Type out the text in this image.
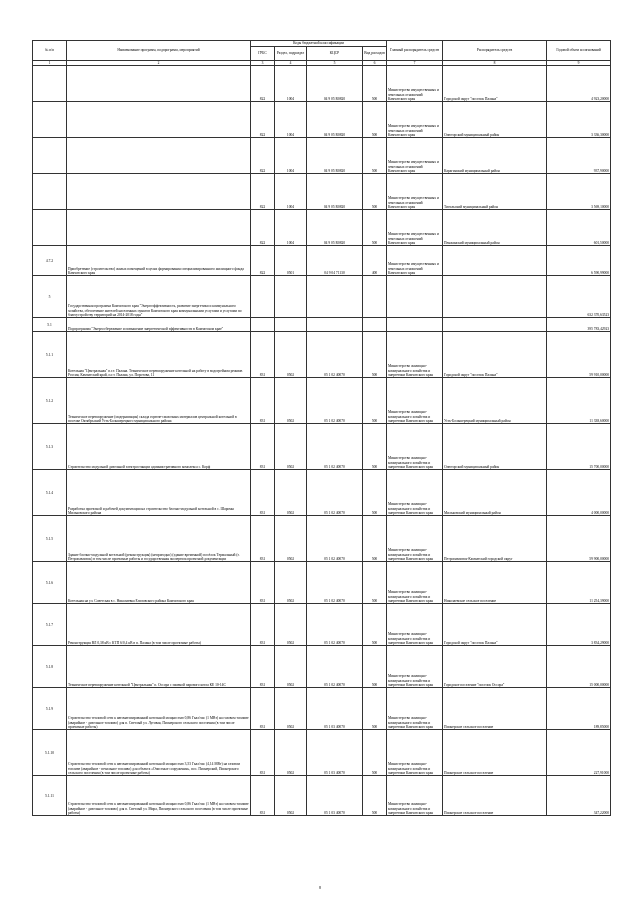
№ п/п	Наименование программ, подпрограмм, мероприятий	Коды бюджетной классификации				Главный распорядитель средств	Распорядитель средств	Годовой объем ассигнований
		ГРБС	Раздел, подраздел	КЦСР	Вид расходов			
1	2	3	4	5	6	7	8	9
		822	1004	04 9 05 R0820	500	Министерство имущественных и земельных отношений Камчатского края	Городской округ "поселок Палана"	4 923,20000
		822	1004	04 9 05 R0820	500	Министерство имущественных и земельных отношений Камчатского края	Олюторский муниципальный район	3 336,30000
		822	1004	04 9 05 R0820	500	Министерство имущественных и земельных отношений Камчатского края	Карагинский муниципальный район	937,90000
		822	1004	04 9 05 R0820	500	Министерство имущественных и земельных отношений Камчатского края	Тигильский муниципальный район	3 569,10000
		822	1004	04 9 05 R0820	500	Министерство имущественных и земельных отношений Камчатского края	Пенжинский муниципальный район	601,50000
4.7.2	Приобретение (строительство) жилых помещений в целях формирования специализированного жилищного фонда Камчатского края	822	0501	04 9 04 71130	400	Министерство имущественных и земельных отношений Камчатского края		6 590,99000
5	Государственная программа Камчатского края "Энергоэффективность, развитие энергетики и коммунального хозяйства, обеспечение жителей населенных пунктов Камчатского края коммунальными услугами и услугами по благоустройству территорий на 2014-2018 годы"							632 370,63523
5.1	Подпрограмма "Энергосбережение и повышение энергетической эффективности в Камчатском крае"							395 783,42923
5.1.1	Котельная "Центральная" п.г.т. Палана. Техническое перевооружение котельной на работу в водогрейном режиме. Россия, Камчатский край, п.г.т. Палана, ул. Поротова, 11	831	0502	05 1 02 40070	500	Министерство жилищно-коммунального хозяйства и энергетики Камчатского края	Городской округ "поселок Палана"	59 910,00000
5.1.2	Техническое перевооружение (модернизация) склада горюче-смазочных материалов центральной котельной в поселке Октябрьский Усть-Большерецкого муниципального района	831	0502	05 1 02 40070	500	Министерство жилищно-коммунального хозяйства и энергетики Камчатского края	Усть-Большерецкий муниципальный район	11 338,60000
5.1.3	Строительство модульной дизельной электростанции административного комплекса с. Корф	831	0502	05 1 02 40070	500	Министерство жилищно-коммунального хозяйства и энергетики Камчатского края	Олюторский муниципальный район	15 700,00000
5.1.4	Разработка проектной и рабочей документации на строительство блочно-модульной котельной в с. Шаромы Мильковского района	831	0502	05 1 02 40070	500	Министерство жилищно-коммунального хозяйства и энергетики Камчатского края	Мильковский муниципальный район	4 000,00000
5.1.5	Здание блочно-модульной котельной (реконструкция) (непригодно) (здание временной) посёлок Термальный (г. Петропавловск) в том числе проектные работы и государственная экспертиза проектной документации	831	0502	05 1 02 40070	500	Министерство жилищно-коммунального хозяйства и энергетики Камчатского края	Петропавловск-Камчатский городской округ	59 900,00000
5.1.6	Котельная на ул. Советская в с. Николаевка Елизовского района Камчатского края	831	0502	05 1 02 40070	500	Министерство жилищно-коммунального хозяйства и энергетики Камчатского края	Николаевское сельское поселение	11 254,39000
5.1.7	Реконструкция ВЛ 0,38 кВ с КТП 6/0,4 кВ в п. Палана (в том числе проектные работы)	831	0502	05 1 02 40070	500	Министерство жилищно-коммунального хозяйства и энергетики Камчатского края	Городской округ "поселок Палана"	3 834,29000
5.1.8	Техническое перевооружение котельной "Центральная" п. Оссора с заменой парового котла КЕ 10-14С	831	0502	05 1 02 40070	500	Министерство жилищно-коммунального хозяйства и энергетики Камчатского края	Городское поселение "поселок Оссора"	15 000,00000
5.1.9	Строительство тепловой сети к автоматизированной котельной мощностью 0,86 Гкал/час (1 МВт) на газовом топливе (аварийное - дизельное топливо) для п. Светлый ул. Луговая, Пионерского сельского поселения (в том числе проектные работы)	831	0502	05 1 03 40070	500	Министерство жилищно-коммунального хозяйства и энергетики Камчатского края	Пионерское сельское поселение	189,85000
5.1.10	Строительство тепловой сети к автоматизированной котельной мощностью 3,53 Гкал/час (4,14 МВт) на газовом топливе (аварийное - печальное топливо) для объекта «Очистные сооружения», пос. Пионерский, Пионерского сельского поселения (в том числе проектные работы)	831	0502	05 1 03 40070	500	Министерство жилищно-коммунального хозяйства и энергетики Камчатского края	Пионерское сельское поселение	227,91000
5.1.11	Строительство тепловой сети к автоматизированной котельной мощностью 0,86 Гкал/час (1 МВт) на газовом топливе (аварийное - дизельное топливо) для п. Светлый ул. Мира, Пионерского сельского поселения (в том числе проектные работы)	831	0502	05 1 03 40070	500	Министерство жилищно-коммунального хозяйства и энергетики Камчатского края	Пионерское сельское поселение	347,22000
8
